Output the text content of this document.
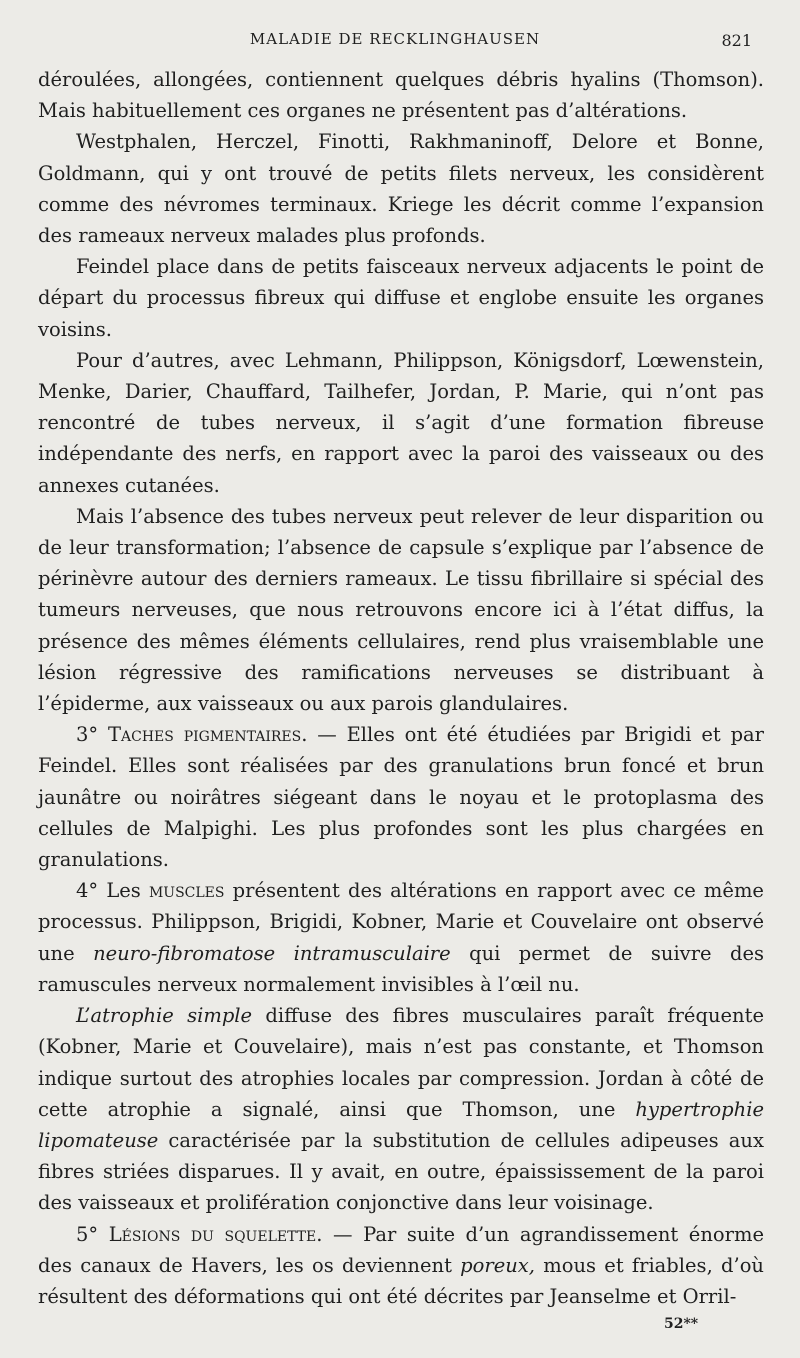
MALADIE DE RECKLINGHAUSEN	821

déroulées, allongées, contiennent quelques débris hyalins (Thomson). Mais habituellement ces organes ne présentent pas d’altérations.

Westphalen, Herczel, Finotti, Rakhmaninoff, Delore et Bonne, Goldmann, qui y ont trouvé de petits filets nerveux, les considèrent comme des névromes terminaux. Kriege les décrit comme l’expansion des rameaux nerveux malades plus profonds.

Feindel place dans de petits faisceaux nerveux adjacents le point de départ du processus fibreux qui diffuse et englobe ensuite les organes voisins.

Pour d’autres, avec Lehmann, Philippson, Königsdorf, Lœwenstein, Menke, Darier, Chauffard, Tailhefer, Jordan, P. Marie, qui n’ont pas rencontré de tubes nerveux, il s’agit d’une formation fibreuse indépendante des nerfs, en rapport avec la paroi des vaisseaux ou des annexes cutanées.

Mais l’absence des tubes nerveux peut relever de leur disparition ou de leur transformation; l’absence de capsule s’explique par l’absence de périnèvre autour des derniers rameaux. Le tissu fibrillaire si spécial des tumeurs nerveuses, que nous retrouvons encore ici à l’état diffus, la présence des mêmes éléments cellulaires, rend plus vraisemblable une lésion régressive des ramifications nerveuses se distribuant à l’épiderme, aux vaisseaux ou aux parois glandulaires.

3° Taches pigmentaires. — Elles ont été étudiées par Brigidi et par Feindel. Elles sont réalisées par des granulations brun foncé et brun jaunâtre ou noirâtres siégeant dans le noyau et le protoplasma des cellules de Malpighi. Les plus profondes sont les plus chargées en granulations.

4° Les muscles présentent des altérations en rapport avec ce même processus. Philippson, Brigidi, Kobner, Marie et Couvelaire ont observé une neuro-fibromatose intramusculaire qui permet de suivre des ramuscules nerveux normalement invisibles à l’œil nu.

L’atrophie simple diffuse des fibres musculaires paraît fréquente (Kobner, Marie et Couvelaire), mais n’est pas constante, et Thomson indique surtout des atrophies locales par compression. Jordan à côté de cette atrophie a signalé, ainsi que Thomson, une hypertrophie lipomateuse caractérisée par la substitution de cellules adipeuses aux fibres striées disparues. Il y avait, en outre, épaississement de la paroi des vaisseaux et prolifération conjonctive dans leur voisinage.

5° Lésions du squelette. — Par suite d’un agrandissement énorme des canaux de Havers, les os deviennent poreux, mous et friables, d’où résultent des déformations qui ont été décrites par Jeanselme et Orril-

52**
